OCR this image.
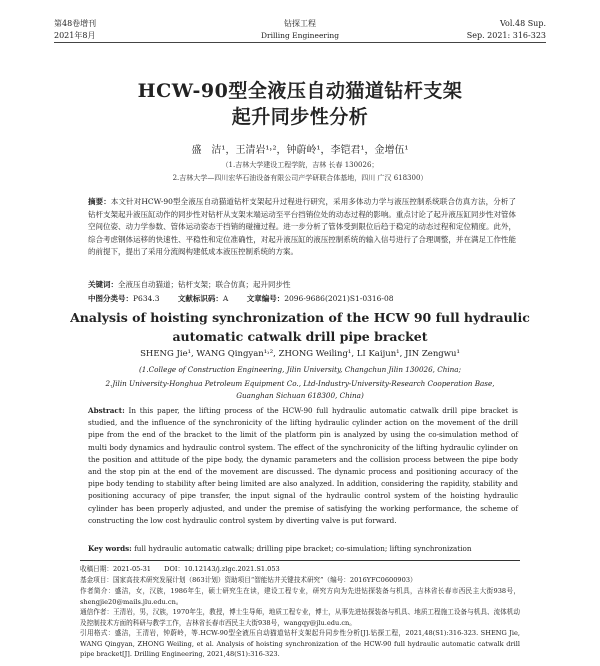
第48卷增刊	钻探工程	Vol.48 Sup.
2021年8月	Drilling Engineering	Sep. 2021: 316-323
HCW-90型全液压自动猫道钻杆支架
起升同步性分析
盛　洁¹，王清岩¹˒²，钟蔚岭¹，李铠君¹，金增伍¹
（1.吉林大学建设工程学院，吉林 长春 130026；
2.吉林大学—四川宏华石油设备有限公司产学研联合体基地，四川 广汉 618300）
摘要：本文针对HCW-90型全液压自动猫道钻杆支架起升过程进行研究，采用多体动力学与液压控制系统联合仿真方法，分析了钻杆支架起升液压缸动作的同步性对钻杆从支架末端运动至平台挡销位处的动态过程的影响。重点讨论了起升液压缸同步性对管体空间位姿、动力学参数、管体运动姿态于挡销的碰撞过程。进一步分析了管体受到限位后趋于稳定的动态过程和定位精度。此外，综合考虑钢体运移的快速性、平稳性和定位准确性，对起升液压缸的液压控制系统的输入信号进行了合理调整，并在满足工作性能的前提下，提出了采用分流阀构建低成本液压控制系统的方案。
关键词：全液压自动猫道；钻杆支架；联合仿真；起升同步性
中图分类号：P634.3 文献标识码：A 文章编号：2096-9686(2021)S1-0316-08
Analysis of hoisting synchronization of the HCW 90 full hydraulic
automatic catwalk drill pipe bracket
SHENG Jie¹, WANG Qingyan¹˒², ZHONG Weiling¹, LI Kaijun¹, JIN Zengwu¹
(1.College of Construction Engineering, Jilin University, Changchun Jilin 130026, China;
2.Jilin University-Honghua Petroleum Equipment Co., Ltd-Industry-University-Research Cooperation Base,
Guanghan Sichuan 618300, China)
Abstract: In this paper, the lifting process of the HCW-90 full hydraulic automatic catwalk drill pipe bracket is studied, and the influence of the synchronicity of the lifting hydraulic cylinder action on the movement of the drill pipe from the end of the bracket to the limit of the platform pin is analyzed by using the co-simulation method of multi body dynamics and hydraulic control system. The effect of the synchronicity of the lifting hydraulic cylinder on the position and attitude of the pipe body, the dynamic parameters and the collision process between the pipe body and the stop pin at the end of the movement are discussed. The dynamic process and positioning accuracy of the pipe body tending to stability after being limited are also analyzed. In addition, considering the rapidity, stability and positioning accuracy of pipe transfer, the input signal of the hydraulic control system of the hoisting hydraulic cylinder has been properly adjusted, and under the premise of satisfying the working performance, the scheme of constructing the low cost hydraulic control system by diverting valve is put forward.
Key words: full hydraulic automatic catwalk; drilling pipe bracket; co-simulation; lifting synchronization
收稿日期：2021-05-31　　DOI：10.12143/j.zlgc.2021.S1.053
基金项目：国家高技术研究发展计划（863计划）资助项目“智能钻井关键技术研究”（编号：2016YFC0600903）
作者简介：盛洁，女，汉族，1986年生，硕士研究生在读，建设工程专业，研究方向为先进钻探装备与机具，吉林省长春市西民主大街938号，shengjie20@mails.jlu.edu.cn。
通信作者：王清岩，男，汉族，1970年生，教授，博士生导师，地质工程专业，博士，从事先进钻探装备与机具、地质工程施工设备与机具、流体机动及控制技术方面的科研与教学工作，吉林省长春市西民主大街938号，wangqy@jlu.edu.cn。
引用格式：盛洁，王清岩，钟蔚岭，等.HCW-90型全液压自动猫道钻杆支架起升同步性分析[J].钻探工程，2021,48(S1):316-323. SHENG Jie, WANG Qingyan, ZHONG Weiling, et al. Analysis of hoisting synchronization of the HCW-90 full hydraulic automatic catwalk drill pipe bracket[J]. Drilling Engineering, 2021,48(S1):316-323.
